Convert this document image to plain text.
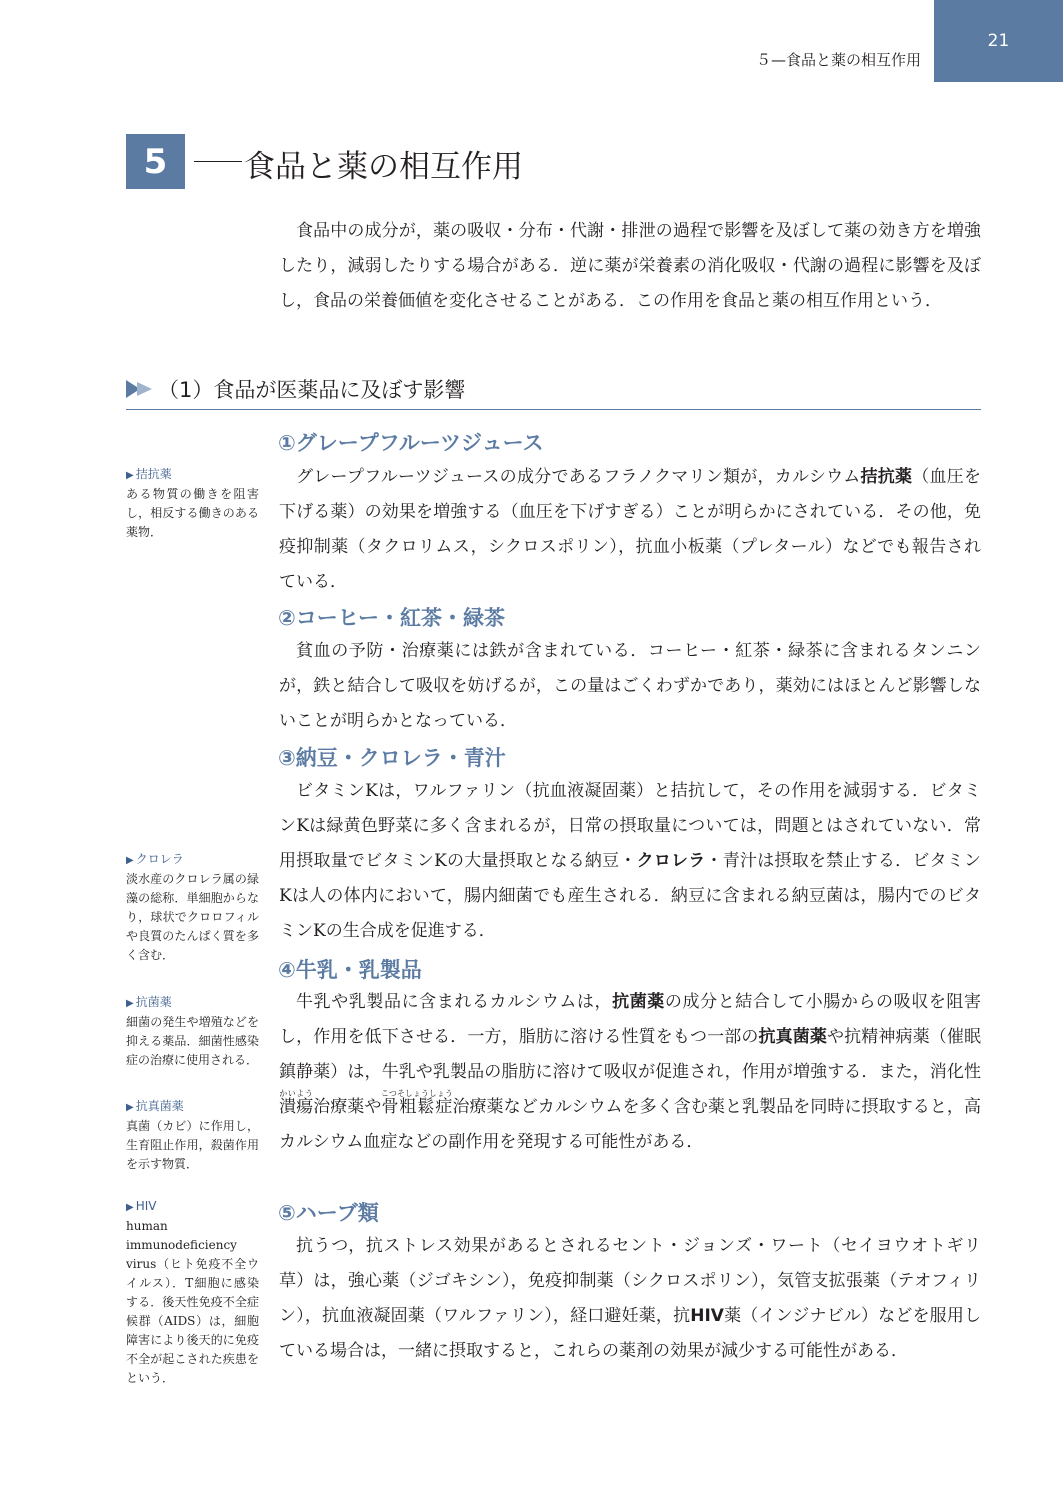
５—食品と薬の相互作用
21
5	食品と薬の相互作用

食品中の成分が，薬の吸収・分布・代謝・排泄の過程で影響を及ぼして薬の効き方を増強したり，減弱したりする場合がある．逆に薬が栄養素の消化吸収・代謝の過程に影響を及ぼし，食品の栄養価値を変化させることがある．この作用を食品と薬の相互作用という．

（1）食品が医薬品に及ぼす影響
①グレープフルーツジュース

グレープフルーツジュースの成分であるフラノクマリン類が，カルシウム拮抗薬（血圧を下げる薬）の効果を増強する（血圧を下げすぎる）ことが明らかにされている．その他，免疫抑制薬（タクロリムス，シクロスポリン），抗血小板薬（プレタール）などでも報告されている．

②コーヒー・紅茶・緑茶

貧血の予防・治療薬には鉄が含まれている．コーヒー・紅茶・緑茶に含まれるタンニンが，鉄と結合して吸収を妨げるが，この量はごくわずかであり，薬効にはほとんど影響しないことが明らかとなっている．

③納豆・クロレラ・青汁

ビタミンKは，ワルファリン（抗血液凝固薬）と拮抗して，その作用を減弱する．ビタミンKは緑黄色野菜に多く含まれるが，日常の摂取量については，問題とはされていない．常用摂取量でビタミンKの大量摂取となる納豆・クロレラ・青汁は摂取を禁止する．ビタミンKは人の体内において，腸内細菌でも産生される．納豆に含まれる納豆菌は，腸内でのビタミンKの生合成を促進する．

④牛乳・乳製品

牛乳や乳製品に含まれるカルシウムは，抗菌薬の成分と結合して小腸からの吸収を阻害し，作用を低下させる．一方，脂肪に溶ける性質をもつ一部の抗真菌薬や抗精神病薬（催眠鎮静薬）は，牛乳や乳製品の脂肪に溶けて吸収が促進され，作用が増強する．また，消化性潰瘍かいよう治療薬や骨粗鬆症こつそしょうしょう治療薬などカルシウムを多く含む薬と乳製品を同時に摂取すると，高カルシウム血症などの副作用を発現する可能性がある．

⑤ハーブ類

抗うつ，抗ストレス効果があるとされるセント・ジョンズ・ワート（セイヨウオトギリ草）は，強心薬（ジゴキシン），免疫抑制薬（シクロスポリン），気管支拡張薬（テオフィリン），抗血液凝固薬（ワルファリン），経口避妊薬，抗HIV薬（インジナビル）などを服用している場合は，一緒に摂取すると，これらの薬剤の効果が減少する可能性がある．

▶ 拮抗薬
ある物質の働きを阻害し，相反する働きのある薬物．
▶ クロレラ
淡水産のクロレラ属の緑藻の総称．単細胞からなり，球状でクロロフィルや良質のたんぱく質を多く含む．
▶ 抗菌薬
細菌の発生や増殖などを抑える薬品．細菌性感染症の治療に使用される．
▶ 抗真菌薬
真菌（カビ）に作用し，生育阻止作用，殺菌作用を示す物質．
▶ HIV
human immunodeficiency virus（ヒト免疫不全ウイルス）．T細胞に感染する．後天性免疫不全症候群（AIDS）は，細胞障害により後天的に免疫不全が起こされた疾患をという．
